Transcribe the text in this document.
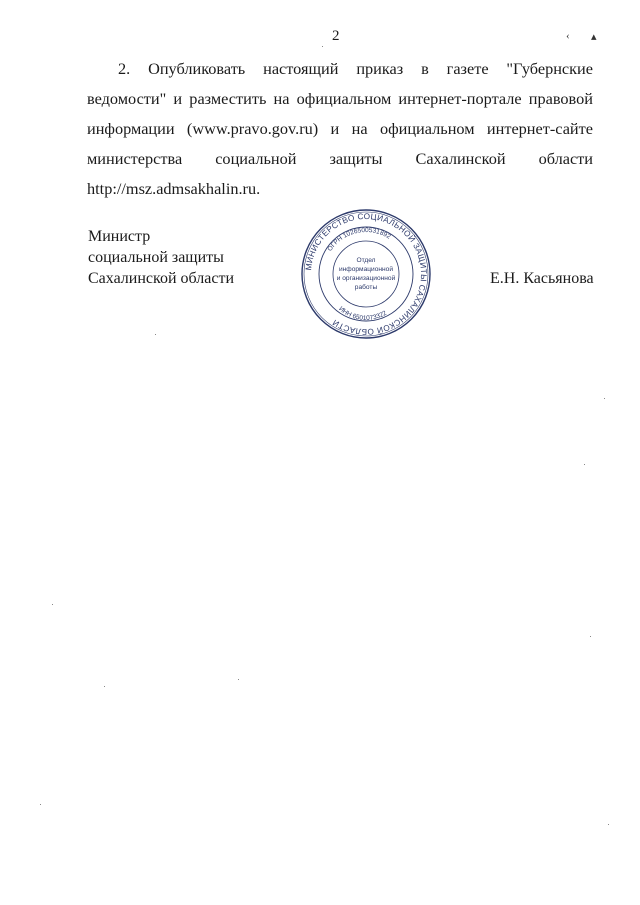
2	‹ ▴

2. Опубликовать настоящий приказ в газете "Губернские ведомости" и разместить на официальном интернет-портале правовой информации (www.pravo.gov.ru) и на официальном интернет-сайте министерства социальной защиты Сахалинской области http://msz.admsakhalin.ru.

Министр
социальной защиты
Сахалинской области	Е.Н. Касьянова
МИНИСТЕРСТВО СОЦИАЛЬНОЙ ЗАЩИТЫ САХАЛИНСКОЙ ОБЛАСТИ
ОГРН 1026500531892
ИНН 6501073322
Отдел
информационной
и организационной
работы
